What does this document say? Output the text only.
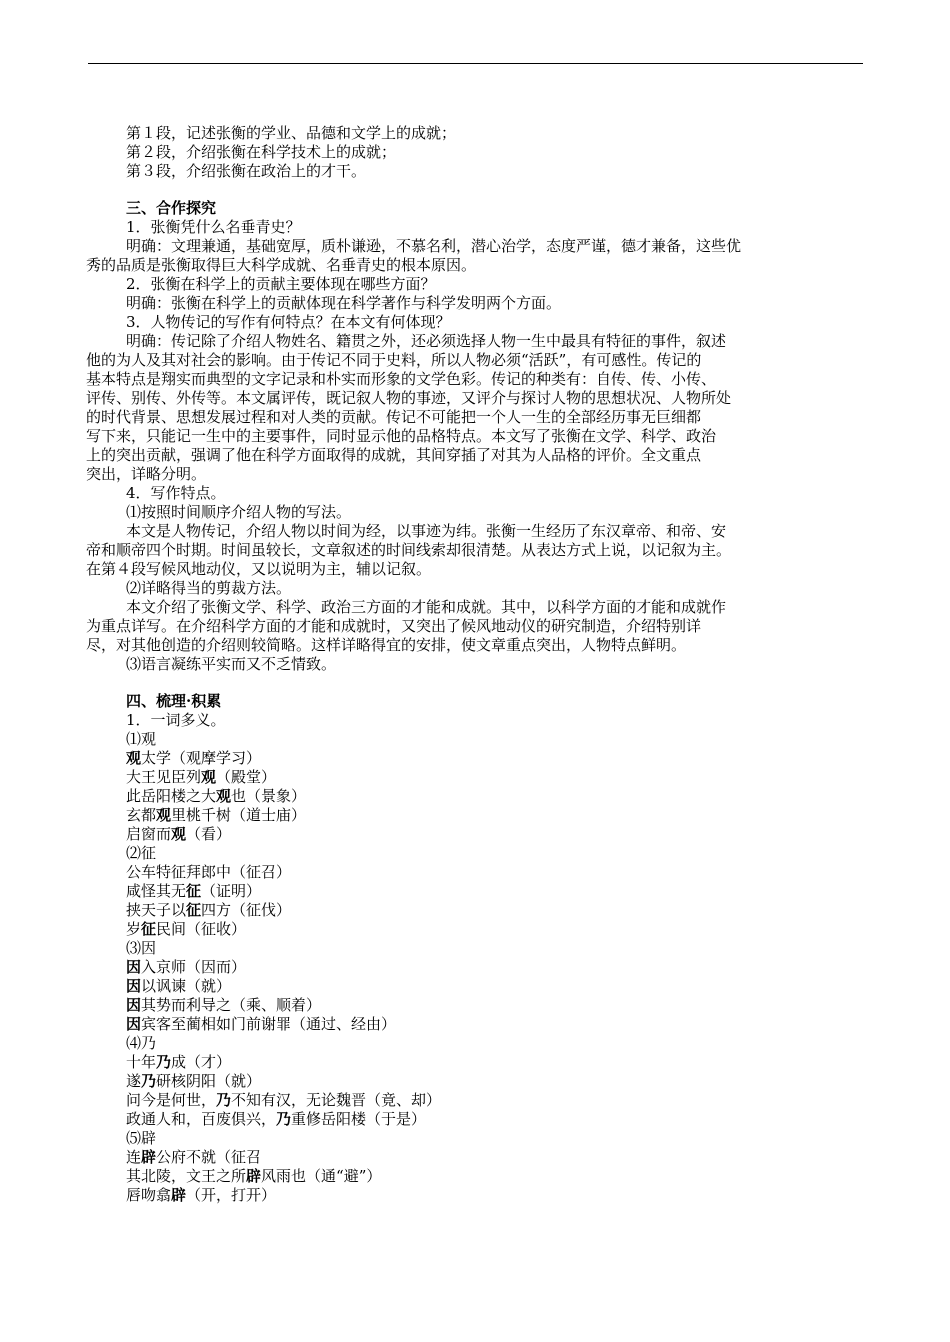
第１段，记述张衡的学业、品德和文学上的成就；

第２段，介绍张衡在科学技术上的成就；

第３段，介绍张衡在政治上的才干。

三、合作探究

1．张衡凭什么名垂青史？

明确：文理兼通，基础宽厚，质朴谦逊，不慕名利，潜心治学，态度严谨，德才兼备，这些优

秀的品质是张衡取得巨大科学成就、名垂青史的根本原因。

2．张衡在科学上的贡献主要体现在哪些方面？

明确：张衡在科学上的贡献体现在科学著作与科学发明两个方面。

3．人物传记的写作有何特点？在本文有何体现？

明确：传记除了介绍人物姓名、籍贯之外，还必须选择人物一生中最具有特征的事件，叙述

他的为人及其对社会的影响。由于传记不同于史料，所以人物必须“活跃”，有可感性。传记的

基本特点是翔实而典型的文字记录和朴实而形象的文学色彩。传记的种类有：自传、传、小传、

评传、别传、外传等。本文属评传，既记叙人物的事迹，又评介与探讨人物的思想状况、人物所处

的时代背景、思想发展过程和对人类的贡献。传记不可能把一个人一生的全部经历事无巨细都

写下来，只能记一生中的主要事件，同时显示他的品格特点。本文写了张衡在文学、科学、政治

上的突出贡献，强调了他在科学方面取得的成就，其间穿插了对其为人品格的评价。全文重点

突出，详略分明。

4．写作特点。

⑴按照时间顺序介绍人物的写法。

本文是人物传记，介绍人物以时间为经，以事迹为纬。张衡一生经历了东汉章帝、和帝、安

帝和顺帝四个时期。时间虽较长，文章叙述的时间线索却很清楚。从表达方式上说，以记叙为主。

在第４段写候风地动仪，又以说明为主，辅以记叙。

⑵详略得当的剪裁方法。

本文介绍了张衡文学、科学、政治三方面的才能和成就。其中，以科学方面的才能和成就作

为重点详写。在介绍科学方面的才能和成就时，又突出了候风地动仪的研究制造，介绍特别详

尽，对其他创造的介绍则较简略。这样详略得宜的安排，使文章重点突出，人物特点鲜明。

⑶语言凝练平实而又不乏情致。

四、梳理·积累

1．一词多义。

⑴观

观太学（观摩学习）

大王见臣列观（殿堂）

此岳阳楼之大观也（景象）

玄都观里桃千树（道士庙）

启窗而观（看）

⑵征

公车特征拜郎中（征召）

咸怪其无征（证明）

挟天子以征四方（征伐）

岁征民间（征收）

⑶因

因入京师（因而）

因以讽谏（就）

因其势而利导之（乘、顺着）

因宾客至蔺相如门前谢罪（通过、经由）

⑷乃

十年乃成（才）

遂乃研核阴阳（就）

问今是何世，乃不知有汉，无论魏晋（竟、却）

政通人和，百废俱兴，乃重修岳阳楼（于是）

⑸辟

连辟公府不就（征召

其北陵，文王之所辟风雨也（通“避”）

唇吻翕辟（开，打开）
